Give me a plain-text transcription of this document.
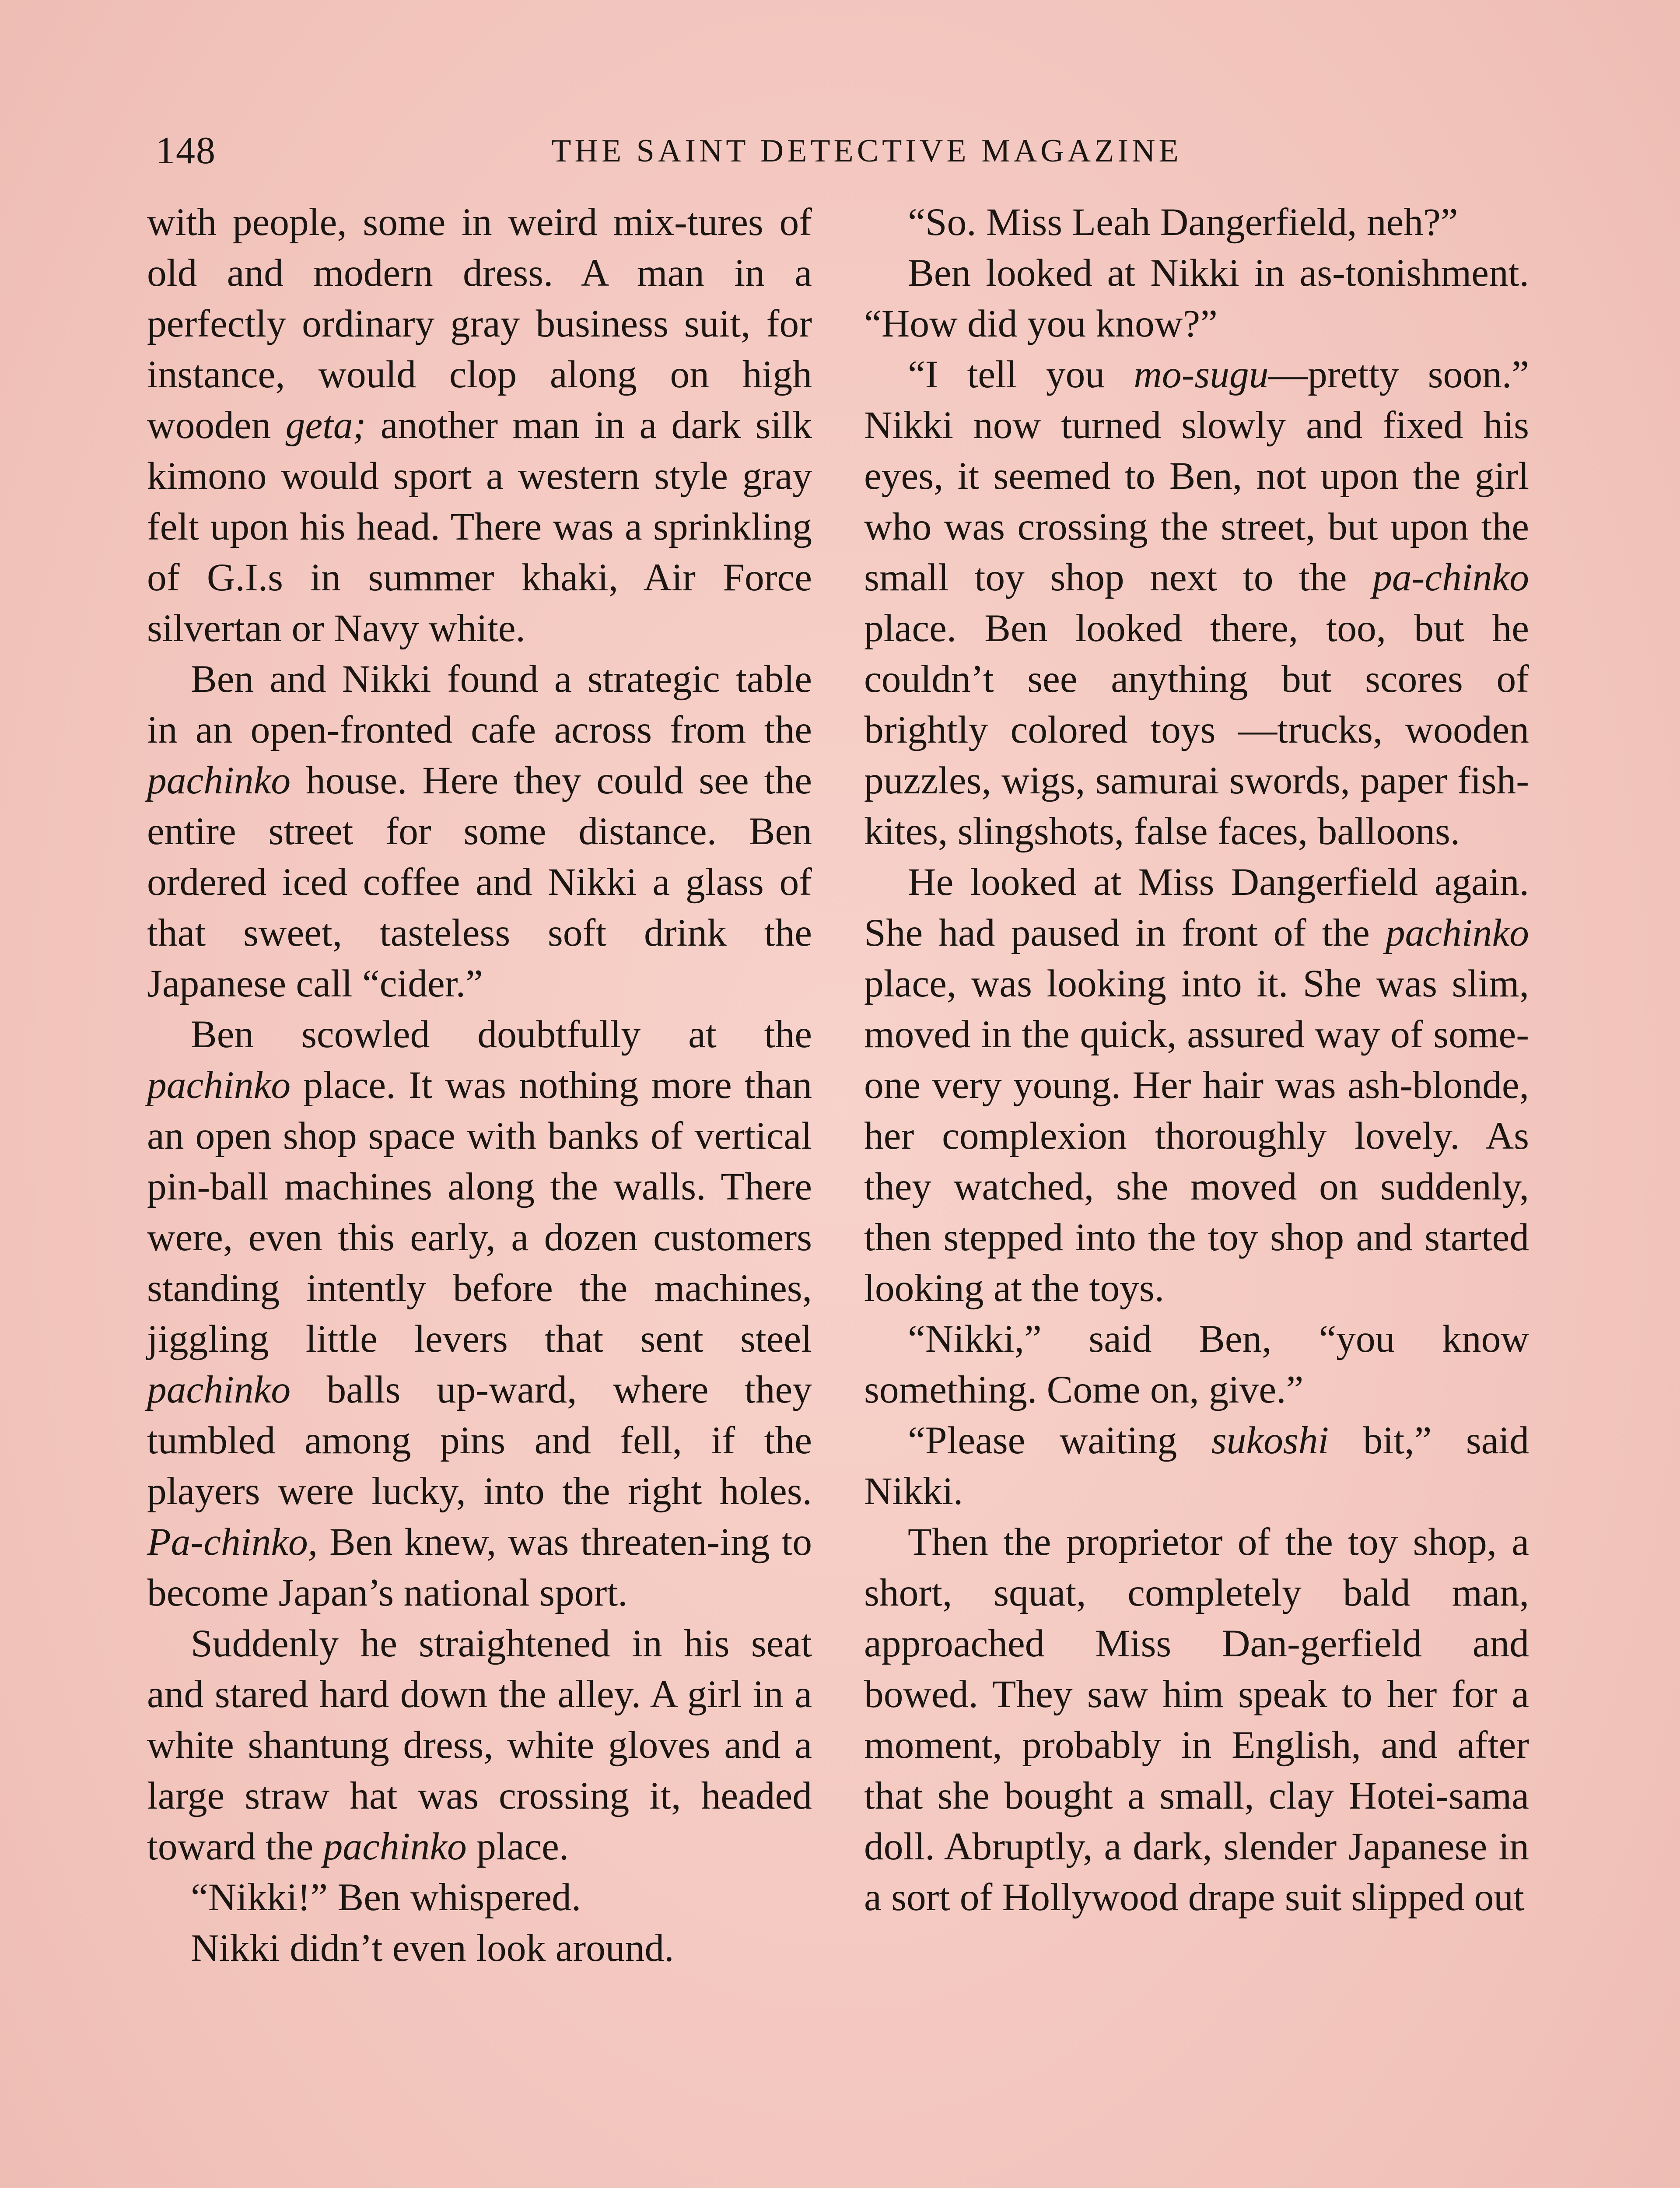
148	THE SAINT DETECTIVE MAGAZINE

with people, some in weird mix-tures of old and modern dress. A man in a perfectly ordinary gray business suit, for instance, would clop along on high wooden geta; another man in a dark silk kimono would sport a western style gray felt upon his head. There was a sprinkling of G.I.s in summer khaki, Air Force silvertan or Navy white.

Ben and Nikki found a strategic table in an open-fronted cafe across from the pachinko house. Here they could see the entire street for some distance. Ben ordered iced coffee and Nikki a glass of that sweet, tasteless soft drink the Japanese call “cider.”

Ben scowled doubtfully at the pachinko place. It was nothing more than an open shop space with banks of vertical pin-ball machines along the walls. There were, even this early, a dozen customers standing intently before the machines, jiggling little levers that sent steel pachinko balls up-ward, where they tumbled among pins and fell, if the players were lucky, into the right holes. Pa-chinko, Ben knew, was threaten-ing to become Japan’s national sport.

Suddenly he straightened in his seat and stared hard down the alley. A girl in a white shantung dress, white gloves and a large straw hat was crossing it, headed toward the pachinko place.

“Nikki!” Ben whispered.

Nikki didn’t even look around.

“So. Miss Leah Dangerfield, neh?”

Ben looked at Nikki in as-tonishment. “How did you know?”

“I tell you mo-sugu—pretty soon.” Nikki now turned slowly and fixed his eyes, it seemed to Ben, not upon the girl who was crossing the street, but upon the small toy shop next to the pa-chinko place. Ben looked there, too, but he couldn’t see anything but scores of brightly colored toys —trucks, wooden puzzles, wigs, samurai swords, paper fish-kites, slingshots, false faces, balloons.

He looked at Miss Dangerfield again. She had paused in front of the pachinko place, was looking into it. She was slim, moved in the quick, assured way of some-one very young. Her hair was ash-blonde, her complexion thoroughly lovely. As they watched, she moved on suddenly, then stepped into the toy shop and started looking at the toys.

“Nikki,” said Ben, “you know something. Come on, give.”

“Please waiting sukoshi bit,” said Nikki.

Then the proprietor of the toy shop, a short, squat, completely bald man, approached Miss Dan-gerfield and bowed. They saw him speak to her for a moment, probably in English, and after that she bought a small, clay Hotei-sama doll. Abruptly, a dark, slender Japanese in a sort of Hollywood drape suit slipped out
